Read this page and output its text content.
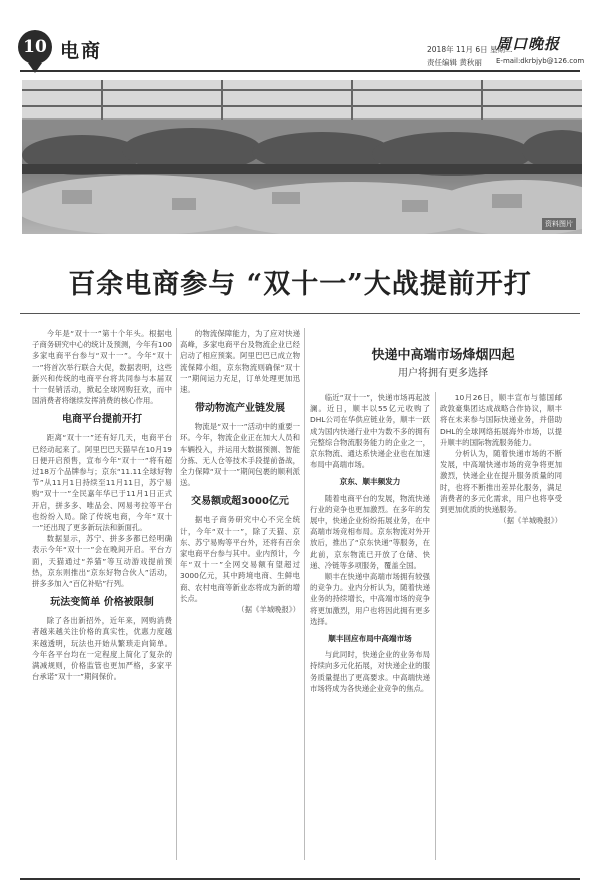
10 电商	2018年 11月 6日 星期二
责任编辑 黄秋丽
周口晚报
E-mail:dkrbjyb@126.com
资料图片
百余电商参与 “双十一”大战提前开打

今年是“双十一”第十个年头。根据电子商务研究中心的统计及预测，今年有100多家电商平台参与“双十一”。今年“双十一”将首次举行联合大促，数据表明，这些新兴和传统的电商平台将共同参与本届双十一促销活动，掀起全球网购狂欢，而中国消费者将继续发挥消费的核心作用。

电商平台提前开打

距离“双十一”还有好几天，电商平台已经动起来了。阿里巴巴天猫早在10月19日便开启预售，宣布今年“双十一”将有超过18万个品牌参与；京东“11.11全球好物节”从11月1日持续至11月11日，苏宁易购“双十一”全民嘉年华已于11月1日正式开启，拼多多、唯品会、网易考拉等平台也纷纷入局。除了传统电商，今年“双十一”还出现了更多新玩法和新面孔。

数据显示，苏宁、拼多多都已经明确表示今年“双十一”会在晚间开启。平台方面，天猫通过“养猫”等互动游戏提前预热，京东则推出“京东好物合伙人”活动，拼多多加入“百亿补贴”行列。

玩法变简单 价格被限制

除了各出新招外，近年来，网购消费者越来越关注价格的真实性，优惠力度越来越透明，玩法也开始从繁琐走向简单。今年各平台均在一定程度上简化了复杂的满减规则，价格监管也更加严格，多家平台承诺“双十一”期间保价。

的物流保障能力，为了应对快递高峰，多家电商平台及物流企业已经启动了相应预案。阿里巴巴已成立物流保障小组，京东物流则确保“双十一”期间运力充足，订单处理更加迅速。

带动物流产业链发展

物流是“双十一”活动中的重要一环。今年，物流企业正在加大人员和车辆投入，并运用大数据预测、智能分拣、无人仓等技术手段提前备战，全力保障“双十一”期间包裹的顺利派送。

交易额或超3000亿元

据电子商务研究中心不完全统计，今年“双十一”，除了天猫、京东、苏宁易购等平台外，还将有百余家电商平台参与其中。业内预计，今年“双十一”全网交易额有望超过3000亿元，其中跨境电商、生鲜电商、农村电商等新业态将成为新的增长点。

（据《羊城晚报》）

快递中高端市场烽烟四起
用户将拥有更多选择

临近“双十一”，快递市场再起波澜。近日，顺丰以55亿元收购了DHL公司在华供应链业务，顺丰一跃成为国内快递行业中为数不多的拥有完整综合物流服务能力的企业之一，京东物流、通达系快递企业也在加速布局中高端市场。

京东、顺丰频发力

随着电商平台的发展，物流快递行业的竞争也更加激烈。在多年的发展中，快递企业纷纷拓展业务，在中高端市场竞相布局。京东物流对外开放后，推出了“京东快递”等服务，在此前，京东物流已开放了仓储、快递、冷链等多项服务，覆盖全国。

顺丰在快递中高端市场拥有较强的竞争力。业内分析认为，随着快递业务的持续增长，中高端市场的竞争将更加激烈，用户也将因此拥有更多选择。

顺丰回应布局中高端市场

与此同时，快递企业的业务布局持续向多元化拓展，对快递企业的服务质量提出了更高要求。中高端快递市场将成为各快递企业竞争的焦点。

10月26日，顺丰宣布与德国邮政敦豪集团达成战略合作协议，顺丰将在未来参与国际快递业务，并借助DHL的全球网络拓展海外市场，以提升顺丰的国际物流服务能力。

分析认为，随着快递市场的不断发展，中高端快递市场的竞争将更加激烈，快递企业在提升服务质量的同时，也将不断推出差异化服务，满足消费者的多元化需求，用户也将享受到更加优质的快递服务。

（据《羊城晚报》）
